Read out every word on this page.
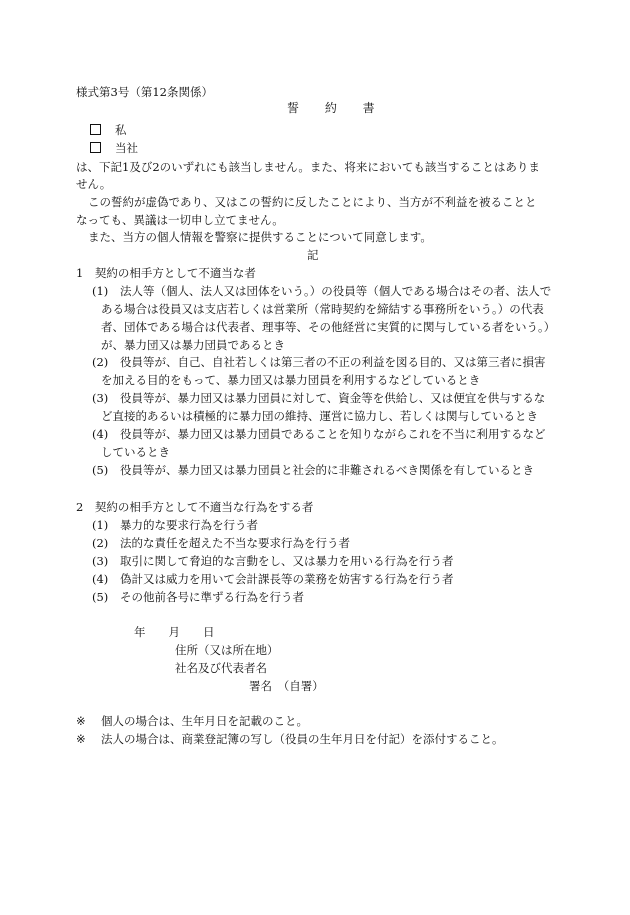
様式第3号（第12条関係）
誓 約 書
私
当社
は、下記1及び2のいずれにも該当しません。また、将来においても該当することはありま
せん。
この誓約が虚偽であり、又はこの誓約に反したことにより、当方が不利益を被ることと
なっても、異議は一切申し立てません。
また、当方の個人情報を警察に提供することについて同意します。
記
1　契約の相手方として不適当な者
(1) 法人等（個人、法人又は団体をいう。）の役員等（個人である場合はその者、法人で
ある場合は役員又は支店若しくは営業所（常時契約を締結する事務所をいう。）の代表
者、団体である場合は代表者、理事等、その他経営に実質的に関与している者をいう。）
が、暴力団又は暴力団員であるとき
(2) 役員等が、自己、自社若しくは第三者の不正の利益を図る目的、又は第三者に損害
を加える目的をもって、暴力団又は暴力団員を利用するなどしているとき
(3) 役員等が、暴力団又は暴力団員に対して、資金等を供給し、又は便宜を供与するな
ど直接的あるいは積極的に暴力団の維持、運営に協力し、若しくは関与しているとき
(4) 役員等が、暴力団又は暴力団員であることを知りながらこれを不当に利用するなど
しているとき
(5) 役員等が、暴力団又は暴力団員と社会的に非難されるべき関係を有しているとき
2　契約の相手方として不適当な行為をする者
(1) 暴力的な要求行為を行う者
(2) 法的な責任を超えた不当な要求行為を行う者
(3) 取引に関して脅迫的な言動をし、又は暴力を用いる行為を行う者
(4) 偽計又は威力を用いて会計課長等の業務を妨害する行為を行う者
(5) その他前各号に準ずる行為を行う者
年　　月　　日
住所（又は所在地）
社名及び代表者名
署名　（自署）
※ 個人の場合は、生年月日を記載のこと。
※ 法人の場合は、商業登記簿の写し（役員の生年月日を付記）を添付すること。
